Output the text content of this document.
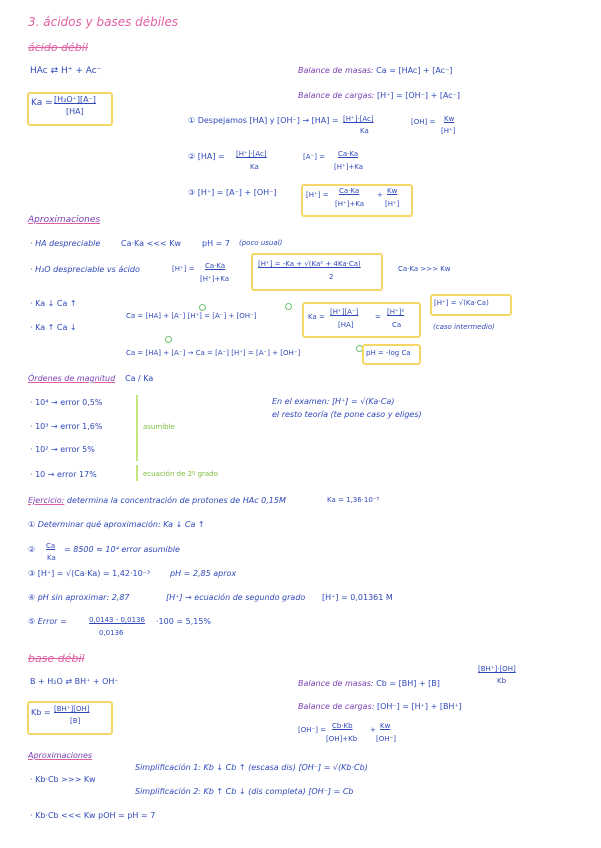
3. ácidos y bases débiles
ácido débil
HAc ⇄ H⁺ + Ac⁻
Ka = [H₃O⁺][A⁻]
[HA]
Balance de masas: Ca = [HAc] + [Ac⁻]
Balance de cargas: [H⁺] = [OH⁻] + [Ac⁻]
① Despejamos [HA] y [OH⁻] → [HA] = [H⁺]·[Ac]
Ka
[OH] = Kw
[H⁺]
② [HA] = [H⁺]·[Ac]
Ka
[A⁻] = Ca·Ka
[H⁺]+Ka
③ [H⁺] = [A⁻] + [OH⁻]	[H⁺] = Ca·Ka
[H⁺]+Ka
+ Kw
[H⁺]
Aproximaciones
· HA despreciable	Ca·Ka <<< Kw	pH = 7 (poco usual)
· H₂O despreciable vs ácido	[H⁺] = Ca·Ka
[H⁺]+Ka
[H⁺] = -Ka + √(Ka² + 4Ka·Ca)
2
Ca·Ka >>> Kw
· Ka ↓ Ca ↑
· Ka ↑ Ca ↓
Ca = [HA] + [A⁻] [H⁺] = [A⁻] + [OH⁻]	Ka =
[H⁺][A⁻]
[HA]
=
[H⁺]²
Ca
[H⁺] = √(Ka·Ca)
(caso intermedio)
Ca = [HA] + [A⁻] → Ca = [A⁻] [H⁺] = [A⁻] + [OH⁻]	pH = -log Ca
Órdenes de magnitud Ca / Ka
· 10⁴ → error 0,5%
· 10³ → error 1,6%
· 10² → error 5%
· 10 → error 17%
asumible
ecuación de 2º grado
En el examen: [H⁺] = √(Ka·Ca)
el resto teoría (te pone caso y eliges)
Ejercicio: determina la concentración de protones de HAc 0,15M	Ka = 1,36·10⁻⁵
① Determinar qué aproximación: Ka ↓ Ca ↑
② Ca
Ka
= 8500 ≈ 10⁴ error asumible
③ [H⁺] = √(Ca·Ka) = 1,42·10⁻³ pH = 2,85 aprox
④ pH sin aproximar: 2,87	[H⁺] → ecuación de segundo grado [H⁺] = 0,01361 M
⑤ Error =	0,0143 - 0,0136
0,0136
·100 = 5,15%
base débil
B + H₂O ⇄ BH⁺ + OH⁻
Kb = [BH⁺][OH]
[B]
Balance de masas: Cb = [BH] + [B]
[BH⁺]·[OH]
Kb
Balance de cargas: [OH⁻] = [H⁺] + [BH⁺]
[OH⁻] = Cb·Kb
[OH]+Kb
+ Kw
[OH⁻]
Aproximaciones
· Kb·Cb >>> Kw
Simplificación 1: Kb ↓ Cb ↑ (escasa dis) [OH⁻] = √(Kb·Cb)
Simplificación 2: Kb ↑ Cb ↓ (dis completa) [OH⁻] = Cb
· Kb·Cb <<< Kw pOH = pH = 7
